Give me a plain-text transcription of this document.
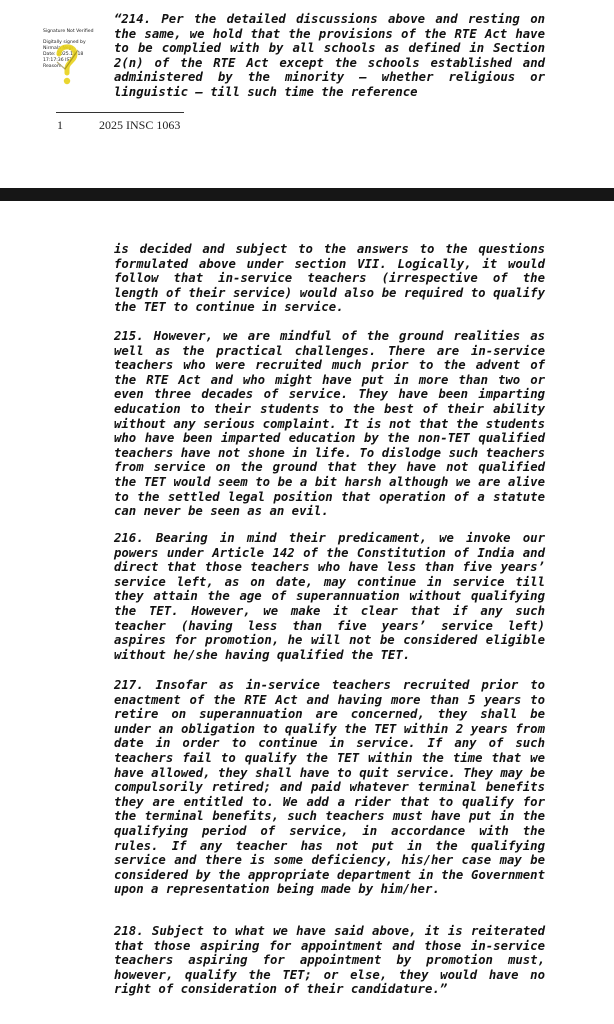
“214. Per the detailed discussions above and resting on the same, we hold that the provisions of the RTE Act have to be complied with by all schools as defined in Section 2(n) of the RTE Act except the schools established and administered by the minority – whether religious or linguistic – till such time the reference

Signature Not Verified
Digitally signed by
Nirmala Negi
Date: 2025.11.18
17:17:36 IST
Reason:
1	2025 INSC 1063

is decided and subject to the answers to the questions formulated above under section VII. Logically, it would follow that in-service teachers (irrespective of the length of their service) would also be required to qualify the TET to continue in service.

215. However, we are mindful of the ground realities as well as the practical challenges. There are in-service teachers who were recruited much prior to the advent of the RTE Act and who might have put in more than two or even three decades of service. They have been imparting education to their students to the best of their ability without any serious complaint. It is not that the students who have been imparted education by the non-TET qualified teachers have not shone in life. To dislodge such teachers from service on the ground that they have not qualified the TET would seem to be a bit harsh although we are alive to the settled legal position that operation of a statute can never be seen as an evil.

216. Bearing in mind their predicament, we invoke our powers under Article 142 of the Constitution of India and direct that those teachers who have less than five years’ service left, as on date, may continue in service till they attain the age of superannuation without qualifying the TET. However, we make it clear that if any such teacher (having less than five years’ service left) aspires for promotion, he will not be considered eligible without he/she having qualified the TET.

217. Insofar as in-service teachers recruited prior to enactment of the RTE Act and having more than 5 years to retire on superannuation are concerned, they shall be under an obligation to qualify the TET within 2 years from date in order to continue in service. If any of such teachers fail to qualify the TET within the time that we have allowed, they shall have to quit service. They may be compulsorily retired; and paid whatever terminal benefits they are entitled to. We add a rider that to qualify for the terminal benefits, such teachers must have put in the qualifying period of service, in accordance with the rules. If any teacher has not put in the qualifying service and there is some deficiency, his/her case may be considered by the appropriate department in the Government upon a representation being made by him/her.

218. Subject to what we have said above, it is reiterated that those aspiring for appointment and those in-service teachers aspiring for appointment by promotion must, however, qualify the TET; or else, they would have no right of consideration of their candidature.”
